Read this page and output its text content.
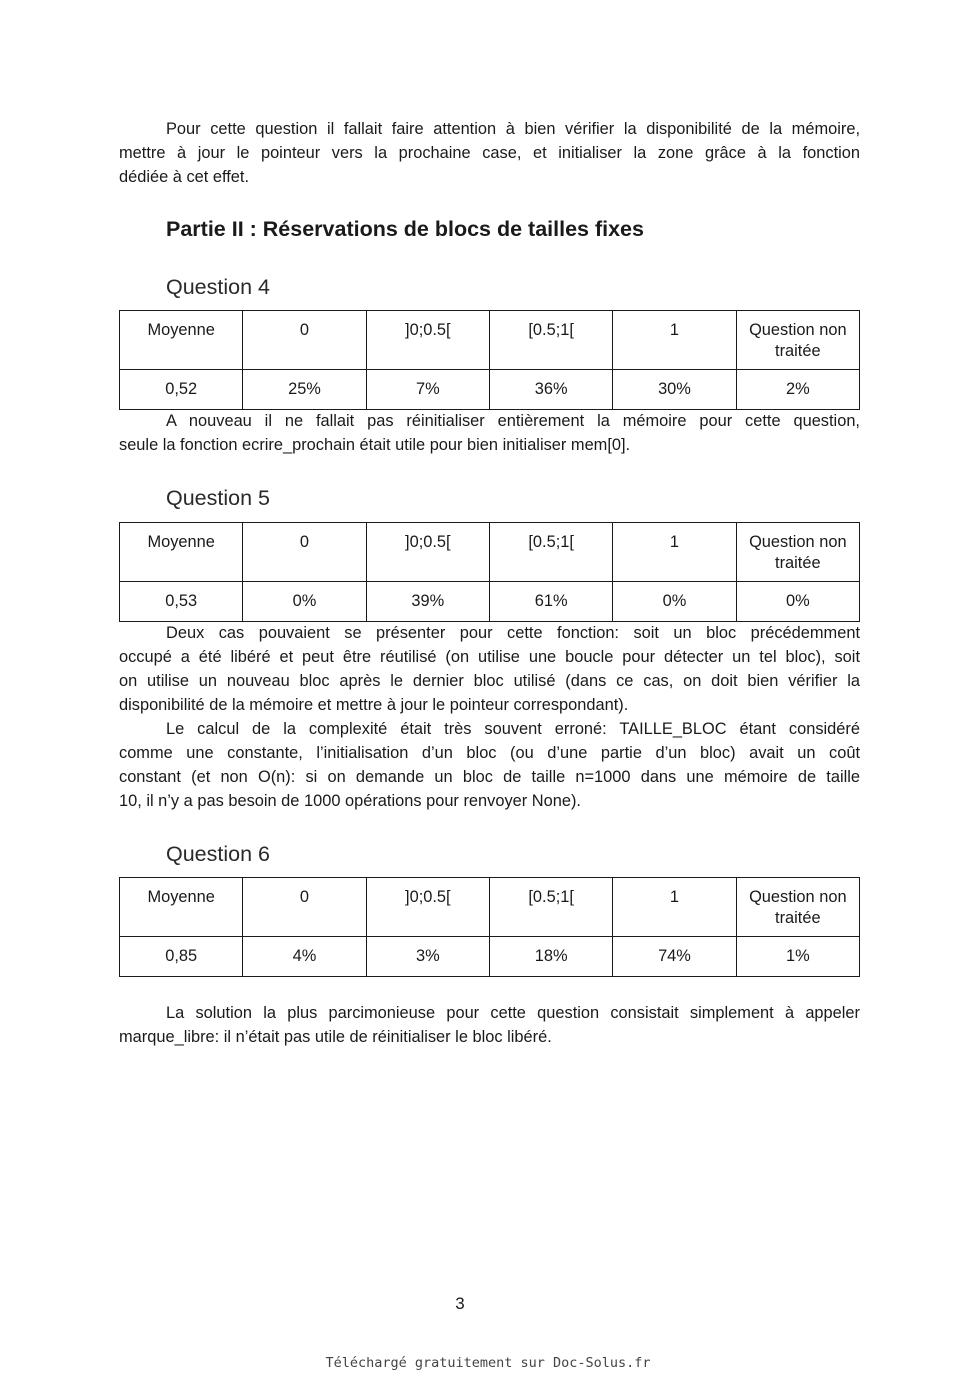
Pour cette question il fallait faire attention à bien vérifier la disponibilité de la mémoire,
mettre à jour le pointeur vers la prochaine case, et initialiser la zone grâce à la fonction
dédiée à cet effet.

Partie II : Réservations de blocs de tailles fixes
Question 4
Moyenne	0	]0;0.5[	[0.5;1[	1	Question non traitée
0,52	25%	7%	36%	30%	2%

A nouveau il ne fallait pas réinitialiser entièrement la mémoire pour cette question,
seule la fonction ecrire_prochain était utile pour bien initialiser mem[0].

Question 5
Moyenne	0	]0;0.5[	[0.5;1[	1	Question non traitée
0,53	0%	39%	61%	0%	0%

Deux cas pouvaient se présenter pour cette fonction: soit un bloc précédemment
occupé a été libéré et peut être réutilisé (on utilise une boucle pour détecter un tel bloc), soit
on utilise un nouveau bloc après le dernier bloc utilisé (dans ce cas, on doit bien vérifier la
disponibilité de la mémoire et mettre à jour le pointeur correspondant).
Le calcul de la complexité était très souvent erroné: TAILLE_BLOC étant considéré
comme une constante, l’initialisation d’un bloc (ou d’une partie d’un bloc) avait un coût
constant (et non O(n): si on demande un bloc de taille n=1000 dans une mémoire de taille
10, il n’y a pas besoin de 1000 opérations pour renvoyer None).

Question 6
Moyenne	0	]0;0.5[	[0.5;1[	1	Question non traitée
0,85	4%	3%	18%	74%	1%

La solution la plus parcimonieuse pour cette question consistait simplement à appeler
marque_libre: il n’était pas utile de réinitialiser le bloc libéré.

3
Téléchargé gratuitement sur Doc-Solus.fr
